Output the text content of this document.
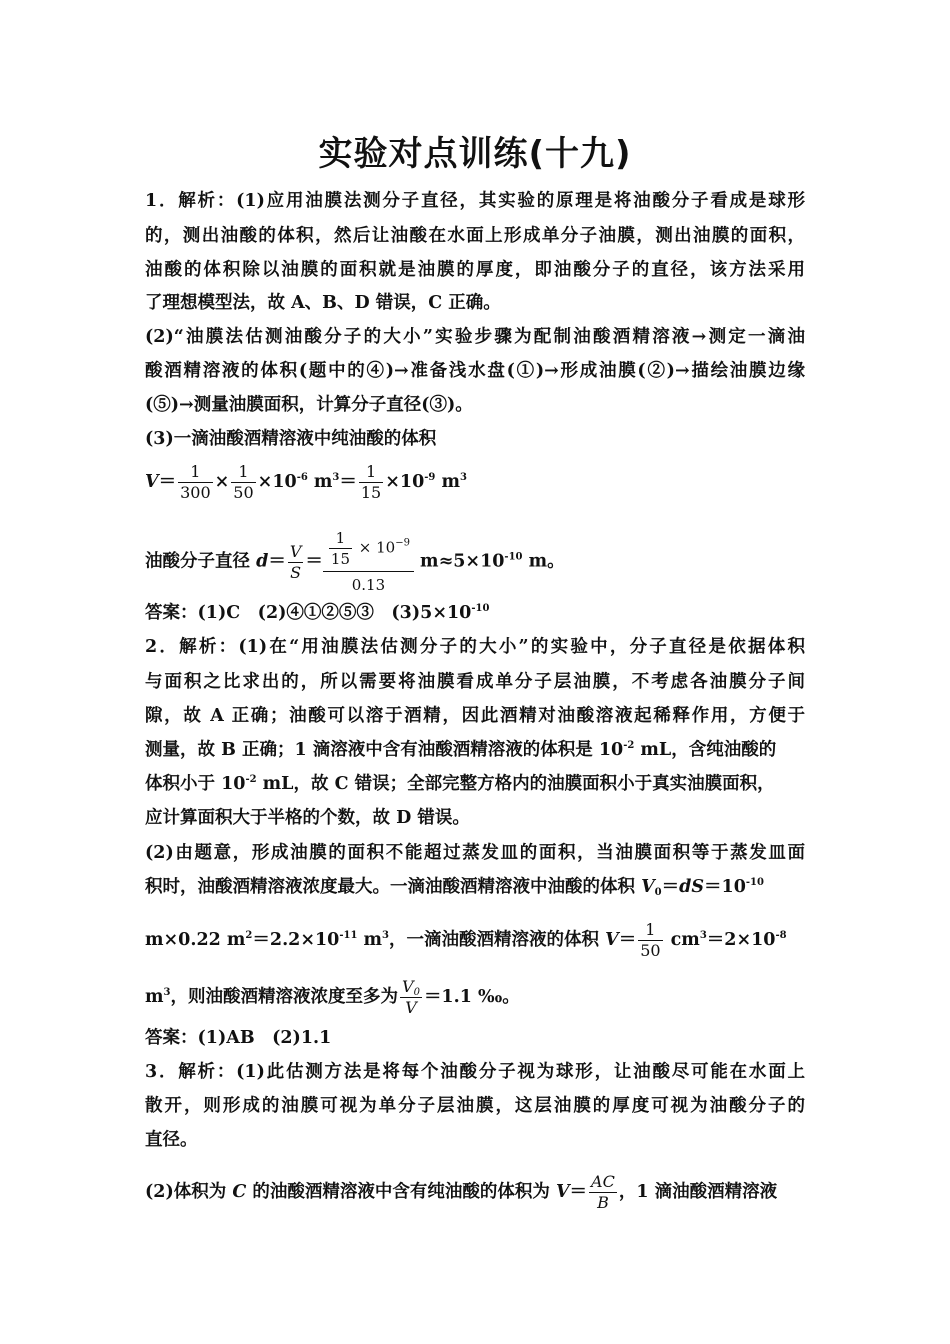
实验对点训练(十九)
1．解析：(1)应用油膜法测分子直径，其实验的原理是将油酸分子看成是球形
的，测出油酸的体积，然后让油酸在水面上形成单分子油膜，测出油膜的面积，
油酸的体积除以油膜的面积就是油膜的厚度，即油酸分子的直径，该方法采用
了理想模型法，故 A、B、D 错误，C 正确。
(2)“油膜法估测油酸分子的大小”实验步骤为配制油酸酒精溶液→测定一滴油
酸酒精溶液的体积(题中的④)→准备浅水盘(①)→形成油膜(②)→描绘油膜边缘
(⑤)→测量油膜面积，计算分子直径(③)。
(3)一滴油酸酒精溶液中纯油酸的体积
$V= \frac{1}{300} \times \frac{1}{50} \times 10^{-6}$ $m^3= \frac{1}{15} \times 10^{-9}$ $m^3$
油酸分子直径 $d= \frac{V}{S} = \frac{\frac{1}{15} \times 10^{-9}}{0.13} m\approx 5\times 10^{-10}$ m。
答案：(1)C　(2)④①②⑤③　$(3)5\times 10^{-10}$
2．解析：(1)在“用油膜法估测分子的大小”的实验中，分子直径是依据体积
与面积之比求出的，所以需要将油膜看成单分子层油膜，不考虑各油膜分子间
隙，故 A 正确；油酸可以溶于酒精，因此酒精对油酸溶液起稀释作用，方便于
测量，故 B 正确；1 滴溶液中含有油酸酒精溶液的体积是 $10^{-2}$ mL，含纯油酸的
体积小于 $10^{-2}$ mL，故 C 错误；全部完整方格内的油膜面积小于真实油膜面积，
应计算面积大于半格的个数，故 D 错误。
(2)由题意，形成油膜的面积不能超过蒸发皿的面积，当油膜面积等于蒸发皿面
积时，油酸酒精溶液浓度最大。一滴油酸酒精溶液中油酸的体积 $V_0=dS=10^{-10}$
m×0.22 $m^2=2.2\times 10^{-11}$ $m^3$，一滴油酸酒精溶液的体积 $V= \frac{1}{50} cm^3=2\times 10^{-8}$
$m^3$，则油酸酒精溶液浓度至多为 $\frac{V_0}{V} =1.1$ ‰。
答案：(1)AB　(2)1.1
3．解析：(1)此估测方法是将每个油酸分子视为球形，让油酸尽可能在水面上
散开，则形成的油膜可视为单分子层油膜，这层油膜的厚度可视为油酸分子的
直径。
(2)体积为 C 的油酸酒精溶液中含有纯油酸的体积为 $V= \frac{AC}{B}$ ，1 滴油酸酒精溶液
